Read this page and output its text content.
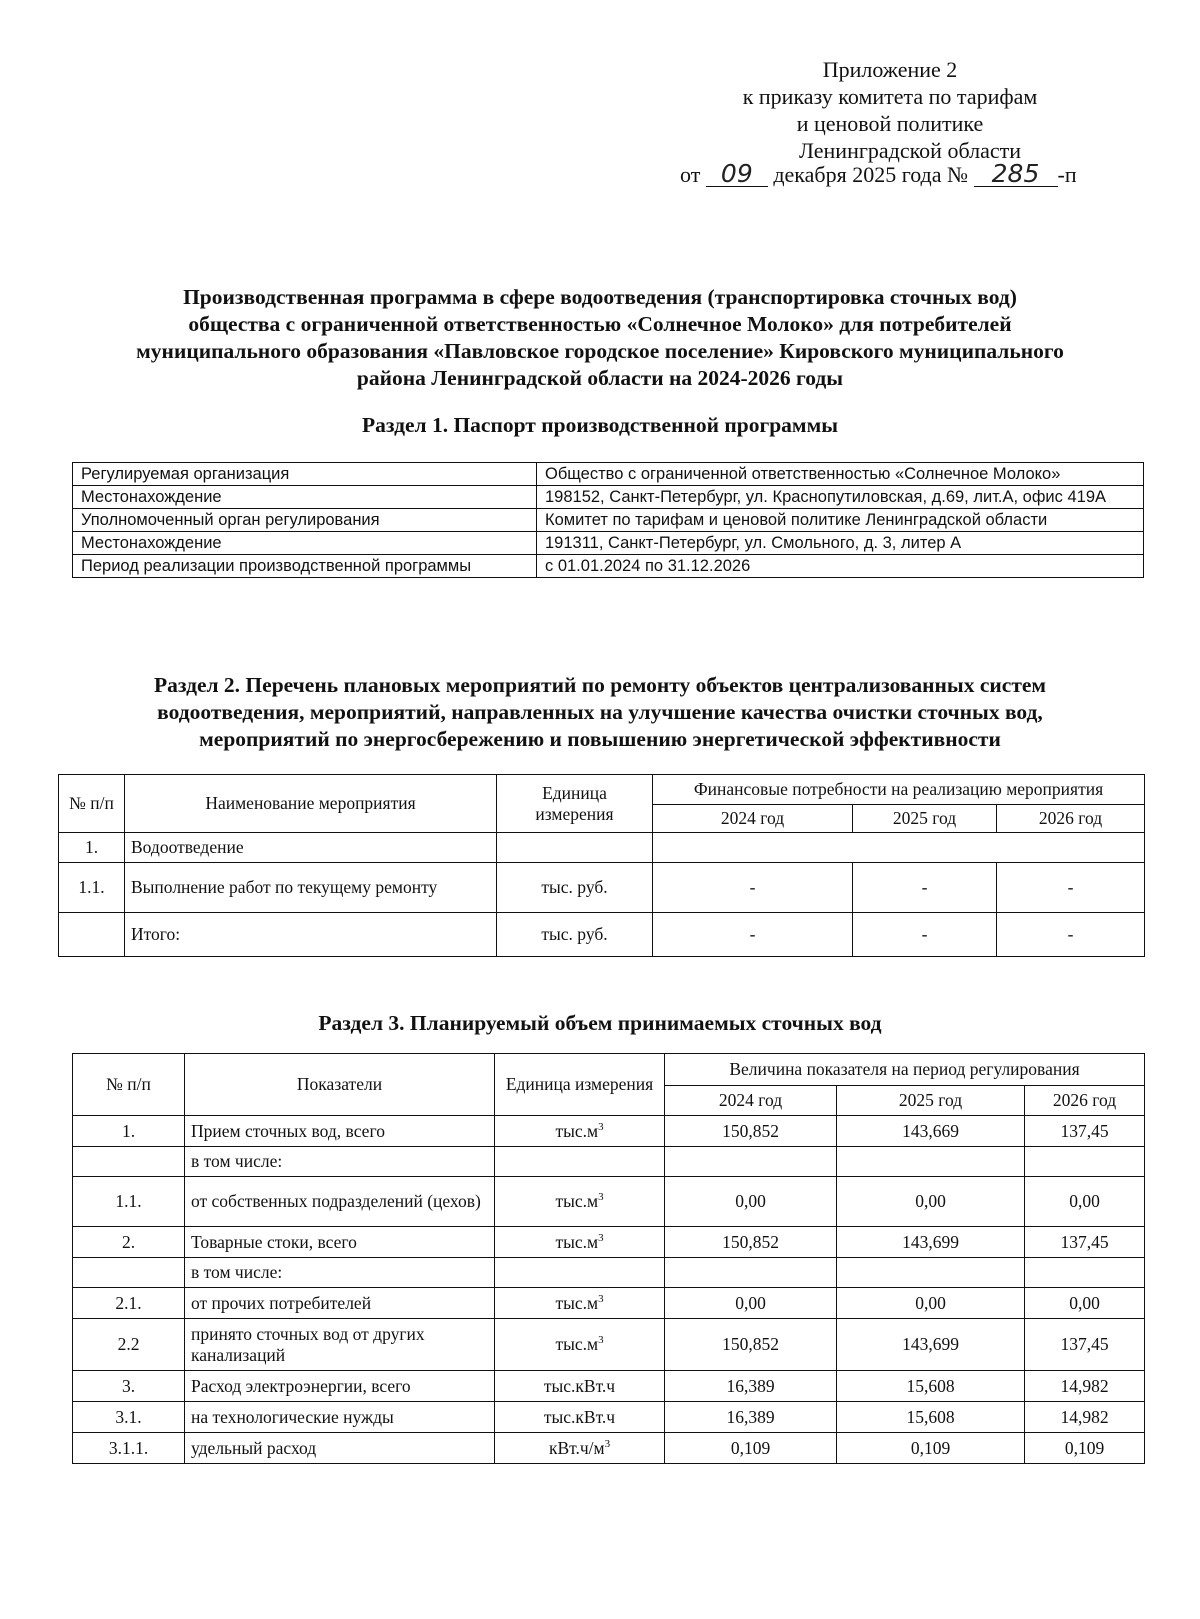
Приложение 2
к приказу комитета по тарифам
и ценовой политике
Ленинградской области
от 09 декабря 2025 года № 285 -п
Производственная программа в сфере водоотведения (транспортировка сточных вод)
общества с ограниченной ответственностью «Солнечное Молоко» для потребителей
муниципального образования «Павловское городское поселение» Кировского муниципального
района Ленинградской области на 2024-2026 годы
Раздел 1. Паспорт производственной программы
Регулируемая организация	Общество с ограниченной ответственностью «Солнечное Молоко»
Местонахождение	198152, Санкт-Петербург, ул. Краснопутиловская, д.69, лит.А, офис 419А
Уполномоченный орган регулирования	Комитет по тарифам и ценовой политике Ленинградской области
Местонахождение	191311, Санкт-Петербург, ул. Смольного, д. 3, литер А
Период реализации производственной программы	с 01.01.2024 по 31.12.2026
Раздел 2. Перечень плановых мероприятий по ремонту объектов централизованных систем
водоотведения, мероприятий, направленных на улучшение качества очистки сточных вод,
мероприятий по энергосбережению и повышению энергетической эффективности
№ п/п	Наименование мероприятия	Единица измерения	Финансовые потребности на реализацию мероприятия		
			2024 год	2025 год	2026 год
1.	Водоотведение				
1.1.	Выполнение работ по текущему ремонту	тыс. руб.	-	-	-
	Итого:	тыс. руб.	-	-	-
Раздел 3. Планируемый объем принимаемых сточных вод
№ п/п	Показатели	Единица измерения	Величина показателя на период регулирования		
			2024 год	2025 год	2026 год
1.	Прием сточных вод, всего	$тыс.м^3$	150,852	143,669	137,45
	в том числе:				
1.1.	от собственных подразделений (цехов)	$тыс.м^3$	0,00	0,00	0,00
2.	Товарные стоки, всего	$тыс.м^3$	150,852	143,699	137,45
	в том числе:				
2.1.	от прочих потребителей	$тыс.м^3$	0,00	0,00	0,00
2.2	принято сточных вод от других канализаций	$тыс.м^3$	150,852	143,699	137,45
3.	Расход электроэнергии, всего	тыс.кВт.ч	16,389	15,608	14,982
3.1.	на технологические нужды	тыс.кВт.ч	16,389	15,608	14,982
3.1.1.	удельный расход	$кВт.ч/м^3$	0,109	0,109	0,109
